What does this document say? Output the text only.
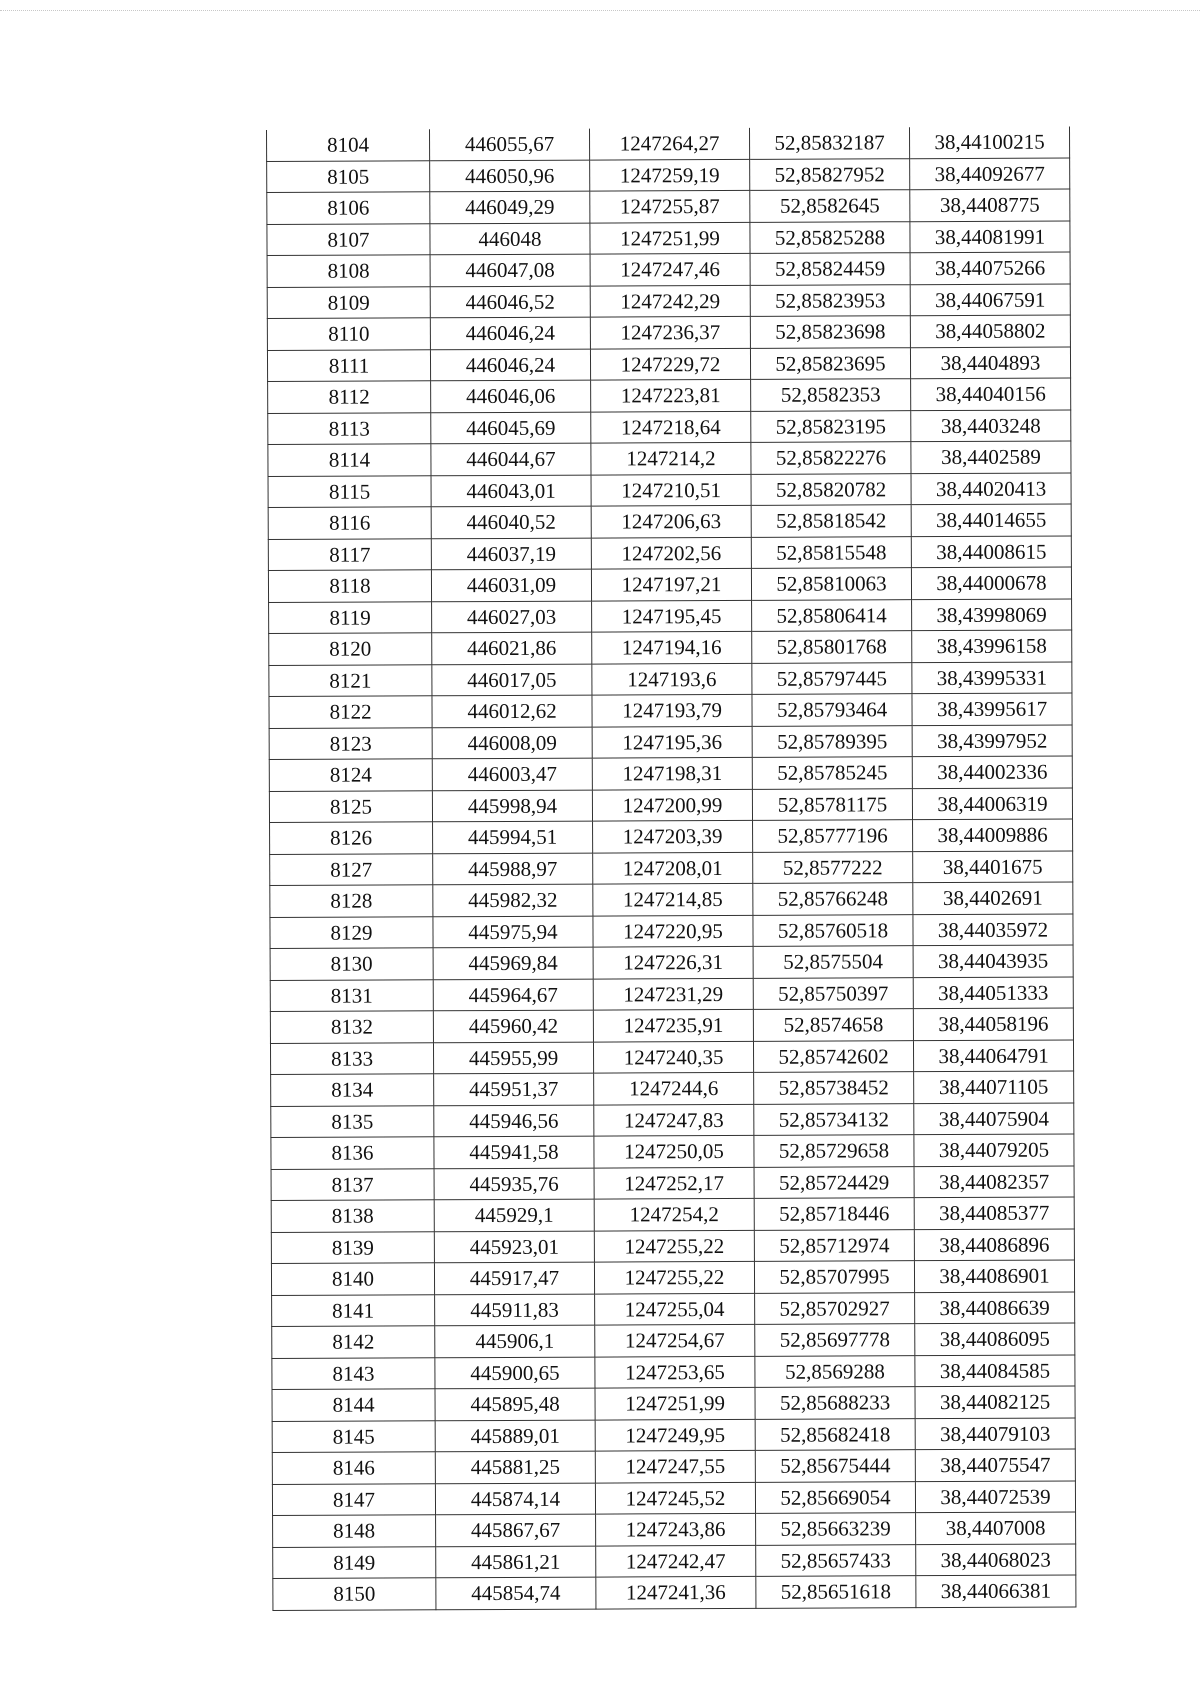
8104	446055,67	1247264,27	52,85832187	38,44100215
8105	446050,96	1247259,19	52,85827952	38,44092677
8106	446049,29	1247255,87	52,8582645	38,4408775
8107	446048	1247251,99	52,85825288	38,44081991
8108	446047,08	1247247,46	52,85824459	38,44075266
8109	446046,52	1247242,29	52,85823953	38,44067591
8110	446046,24	1247236,37	52,85823698	38,44058802
8111	446046,24	1247229,72	52,85823695	38,4404893
8112	446046,06	1247223,81	52,8582353	38,44040156
8113	446045,69	1247218,64	52,85823195	38,4403248
8114	446044,67	1247214,2	52,85822276	38,4402589
8115	446043,01	1247210,51	52,85820782	38,44020413
8116	446040,52	1247206,63	52,85818542	38,44014655
8117	446037,19	1247202,56	52,85815548	38,44008615
8118	446031,09	1247197,21	52,85810063	38,44000678
8119	446027,03	1247195,45	52,85806414	38,43998069
8120	446021,86	1247194,16	52,85801768	38,43996158
8121	446017,05	1247193,6	52,85797445	38,43995331
8122	446012,62	1247193,79	52,85793464	38,43995617
8123	446008,09	1247195,36	52,85789395	38,43997952
8124	446003,47	1247198,31	52,85785245	38,44002336
8125	445998,94	1247200,99	52,85781175	38,44006319
8126	445994,51	1247203,39	52,85777196	38,44009886
8127	445988,97	1247208,01	52,8577222	38,4401675
8128	445982,32	1247214,85	52,85766248	38,4402691
8129	445975,94	1247220,95	52,85760518	38,44035972
8130	445969,84	1247226,31	52,8575504	38,44043935
8131	445964,67	1247231,29	52,85750397	38,44051333
8132	445960,42	1247235,91	52,8574658	38,44058196
8133	445955,99	1247240,35	52,85742602	38,44064791
8134	445951,37	1247244,6	52,85738452	38,44071105
8135	445946,56	1247247,83	52,85734132	38,44075904
8136	445941,58	1247250,05	52,85729658	38,44079205
8137	445935,76	1247252,17	52,85724429	38,44082357
8138	445929,1	1247254,2	52,85718446	38,44085377
8139	445923,01	1247255,22	52,85712974	38,44086896
8140	445917,47	1247255,22	52,85707995	38,44086901
8141	445911,83	1247255,04	52,85702927	38,44086639
8142	445906,1	1247254,67	52,85697778	38,44086095
8143	445900,65	1247253,65	52,8569288	38,44084585
8144	445895,48	1247251,99	52,85688233	38,44082125
8145	445889,01	1247249,95	52,85682418	38,44079103
8146	445881,25	1247247,55	52,85675444	38,44075547
8147	445874,14	1247245,52	52,85669054	38,44072539
8148	445867,67	1247243,86	52,85663239	38,4407008
8149	445861,21	1247242,47	52,85657433	38,44068023
8150	445854,74	1247241,36	52,85651618	38,44066381
